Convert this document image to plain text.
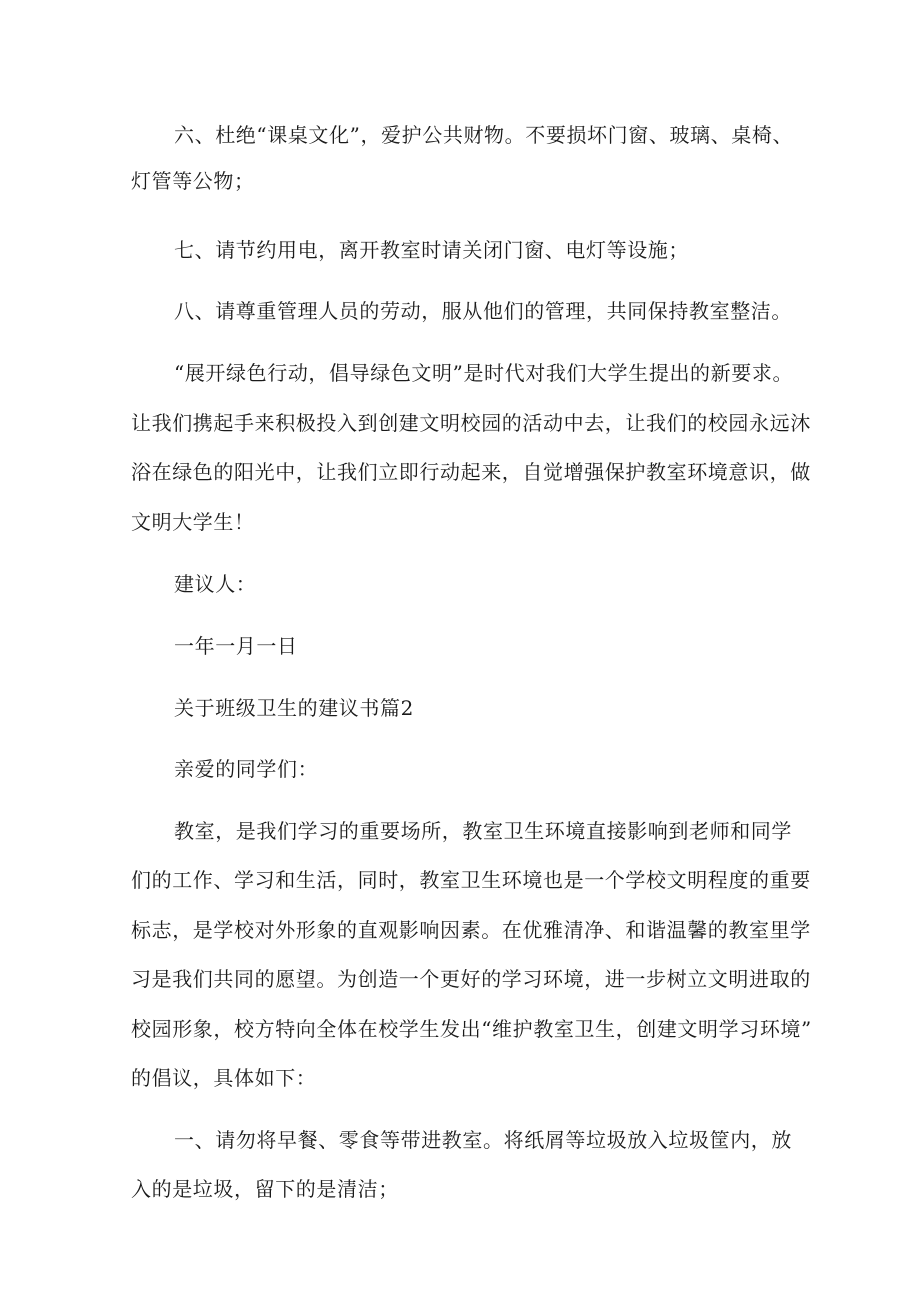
六、杜绝“课桌文化”，爱护公共财物。不要损坏门窗、玻璃、桌椅、
灯管等公物；
七、请节约用电，离开教室时请关闭门窗、电灯等设施；
八、请尊重管理人员的劳动，服从他们的管理，共同保持教室整洁。
“展开绿色行动，倡导绿色文明”是时代对我们大学生提出的新要求。
让我们携起手来积极投入到创建文明校园的活动中去，让我们的校园永远沐
浴在绿色的阳光中，让我们立即行动起来，自觉增强保护教室环境意识，做
文明大学生！
建议人：
一年一月一日
关于班级卫生的建议书篇2
亲爱的同学们：
教室，是我们学习的重要场所，教室卫生环境直接影响到老师和同学
们的工作、学习和生活，同时，教室卫生环境也是一个学校文明程度的重要
标志，是学校对外形象的直观影响因素。在优雅清净、和谐温馨的教室里学
习是我们共同的愿望。为创造一个更好的学习环境，进一步树立文明进取的
校园形象，校方特向全体在校学生发出“维护教室卫生，创建文明学习环境”
的倡议，具体如下：
一、请勿将早餐、零食等带进教室。将纸屑等垃圾放入垃圾筐内，放
入的是垃圾，留下的是清洁；
